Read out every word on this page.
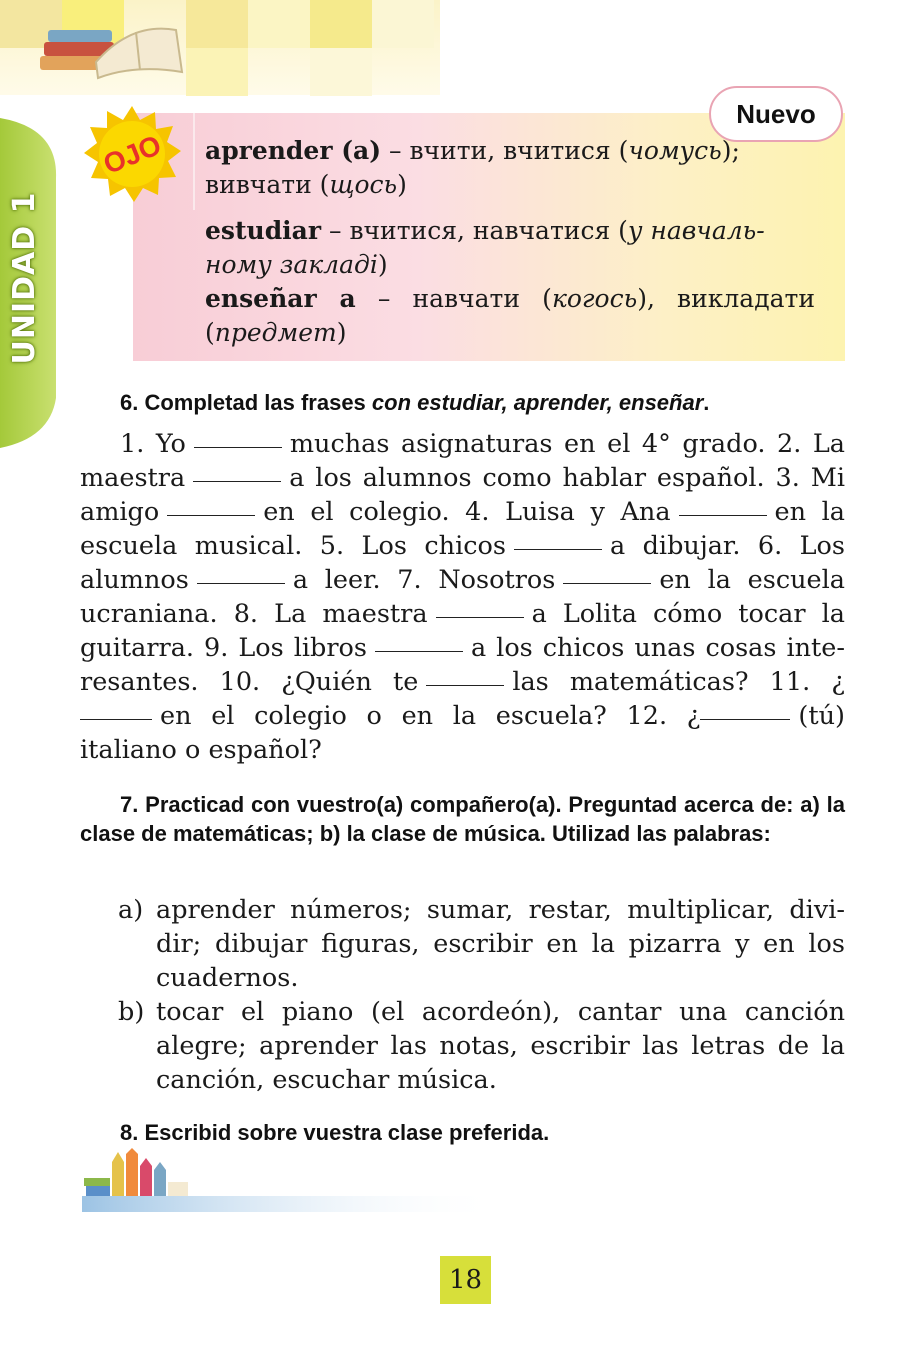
UNIDAD 1
OJO
Nuevo
aprender (a) – вчити, вчитися (чомусь); вивчати (щось)
estudiar – вчитися, навчатися (у навчаль-ному закладі)
enseñar a – навчати (когось), викладати (предмет)
6. Completad las frases con estudiar, aprender, enseñar.
1. Yo	muchas asignaturas en el 4° grado. 2. La maestra	a los alumnos como hablar español. 3. Mi amigo	en el colegio. 4. Luisa y Ana	en la escuela musical. 5. Los chicos	a dibujar. 6. Los alumnos	a leer. 7. Nosotros	en la escuela ucraniana. 8. La maestra	a Lolita cómo tocar la guitarra. 9. Los libros	a los chicos unas cosas inte-resantes. 10. ¿Quién te	las matemáticas? 11. ¿en el colegio o en la escuela? 12. ¿	(tú) italiano o español?
7. Practicad con vuestro(a) compañero(a). Preguntad acerca de: a) la clase de matemáticas; b) la clase de música. Utilizad las palabras:
a) aprender números; sumar, restar, multiplicar, divi-dir; dibujar figuras, escribir en la pizarra y en los cuadernos.
b) tocar el piano (el acordeón), cantar una canción alegre; aprender las notas, escribir las letras de la canción, escuchar música.
8. Escribid sobre vuestra clase preferida.
18
